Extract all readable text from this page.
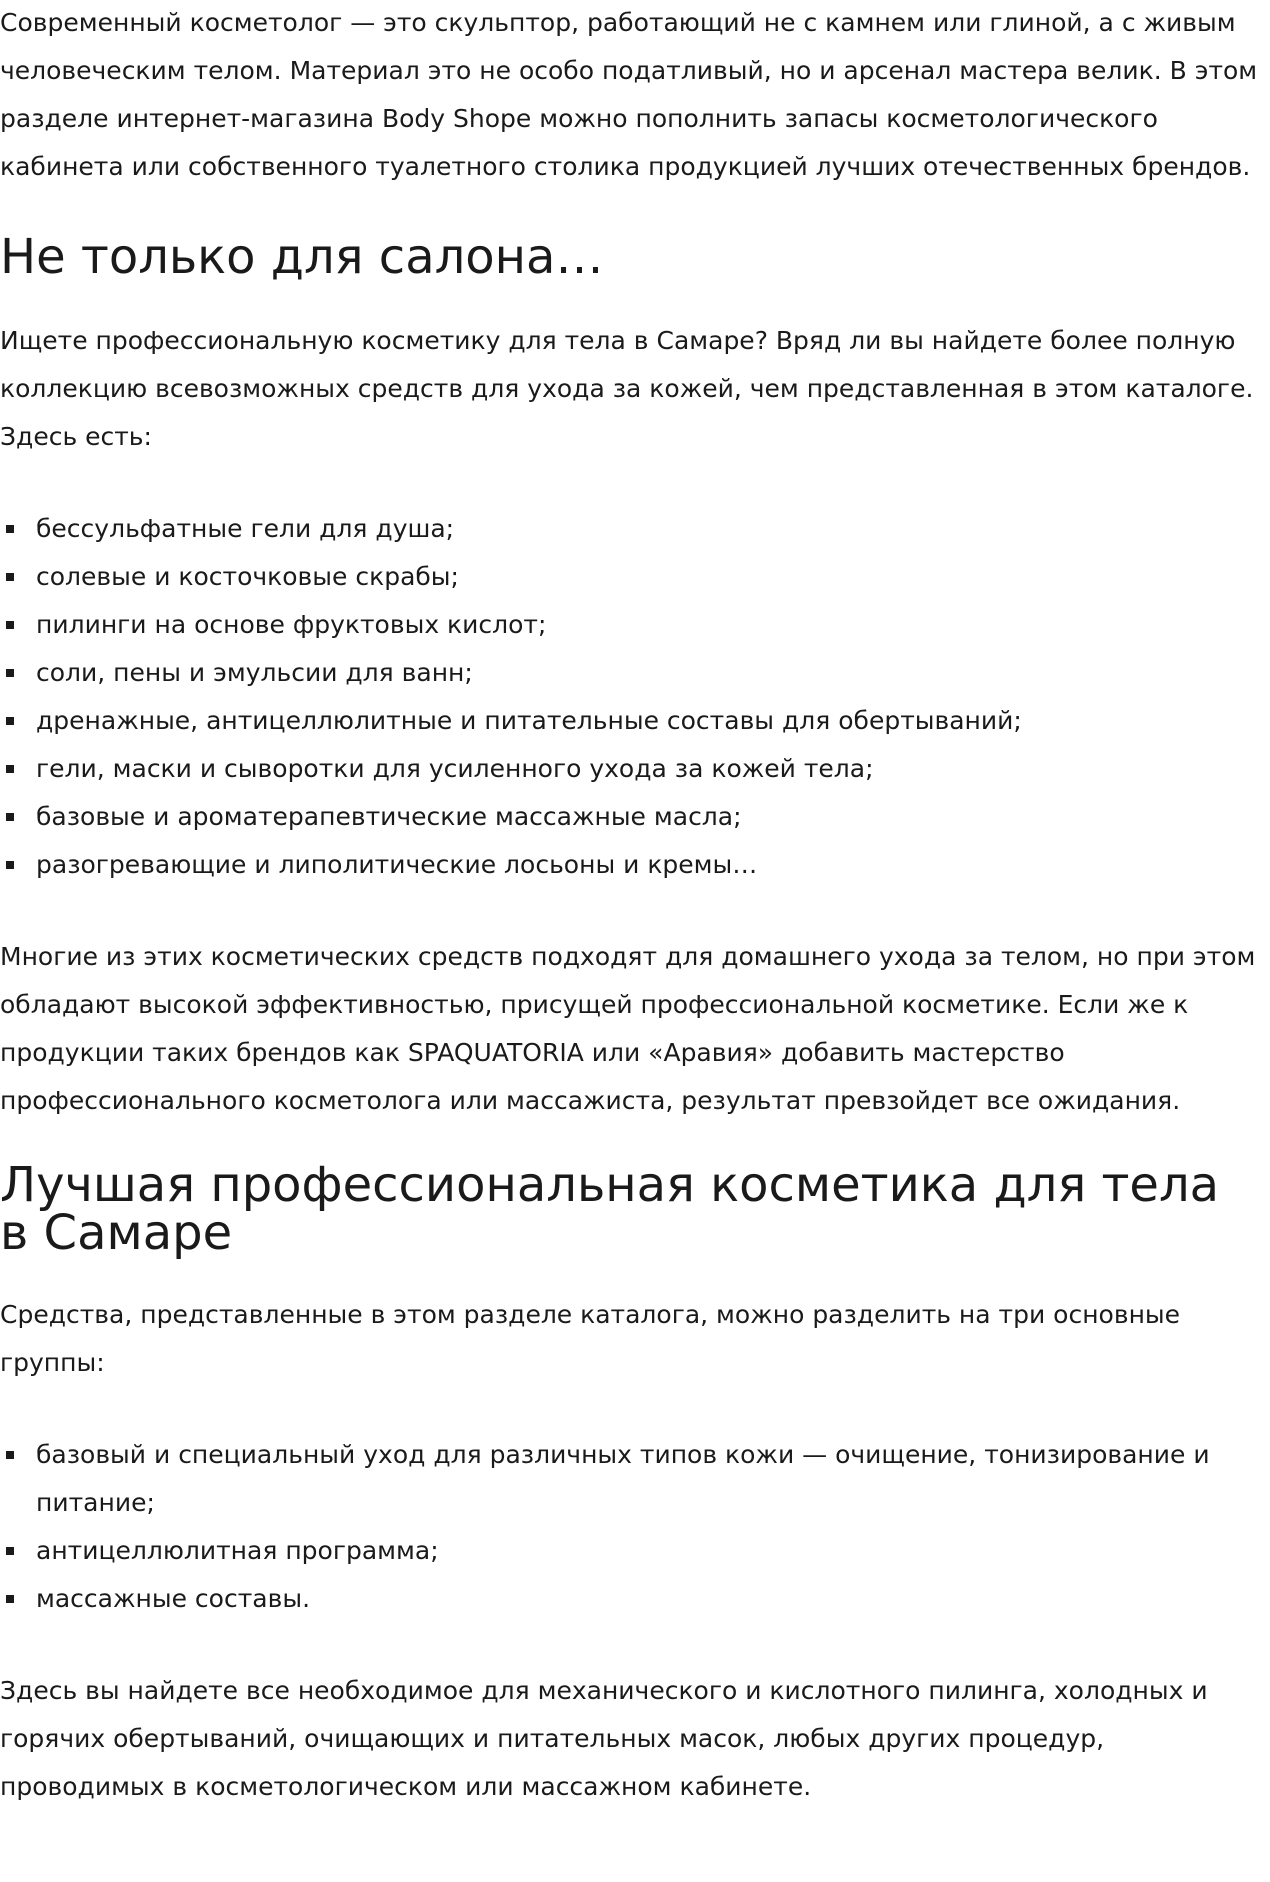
Современный косметолог — это скульптор, работающий не с камнем или глиной, а с живым человеческим телом. Материал это не особо податливый, но и арсенал мастера велик. В этом разделе интернет-магазина Body Shope можно пополнить запасы косметологического кабинета или собственного туалетного столика продукцией лучших отечественных брендов.

Не только для салона…

Ищете профессиональную косметику для тела в Самаре? Вряд ли вы найдете более полную коллекцию всевозможных средств для ухода за кожей, чем представленная в этом каталоге. Здесь есть:

бессульфатные гели для душа;
солевые и косточковые скрабы;
пилинги на основе фруктовых кислот;
соли, пены и эмульсии для ванн;
дренажные, антицеллюлитные и питательные составы для обертываний;
гели, маски и сыворотки для усиленного ухода за кожей тела;
базовые и ароматерапевтические массажные масла;
разогревающие и липолитические лосьоны и кремы…

Многие из этих косметических средств подходят для домашнего ухода за телом, но при этом обладают высокой эффективностью, присущей профессиональной косметике. Если же к продукции таких брендов как SPAQUATORIA или «Аравия» добавить мастерство профессионального косметолога или массажиста, результат превзойдет все ожидания.

Лучшая профессиональная косметика для тела в Самаре

Средства, представленные в этом разделе каталога, можно разделить на три основные группы:

базовый и специальный уход для различных типов кожи — очищение, тонизирование и питание;
антицеллюлитная программа;
массажные составы.

Здесь вы найдете все необходимое для механического и кислотного пилинга, холодных и горячих обертываний, очищающих и питательных масок, любых других процедур, проводимых в косметологическом или массажном кабинете.
